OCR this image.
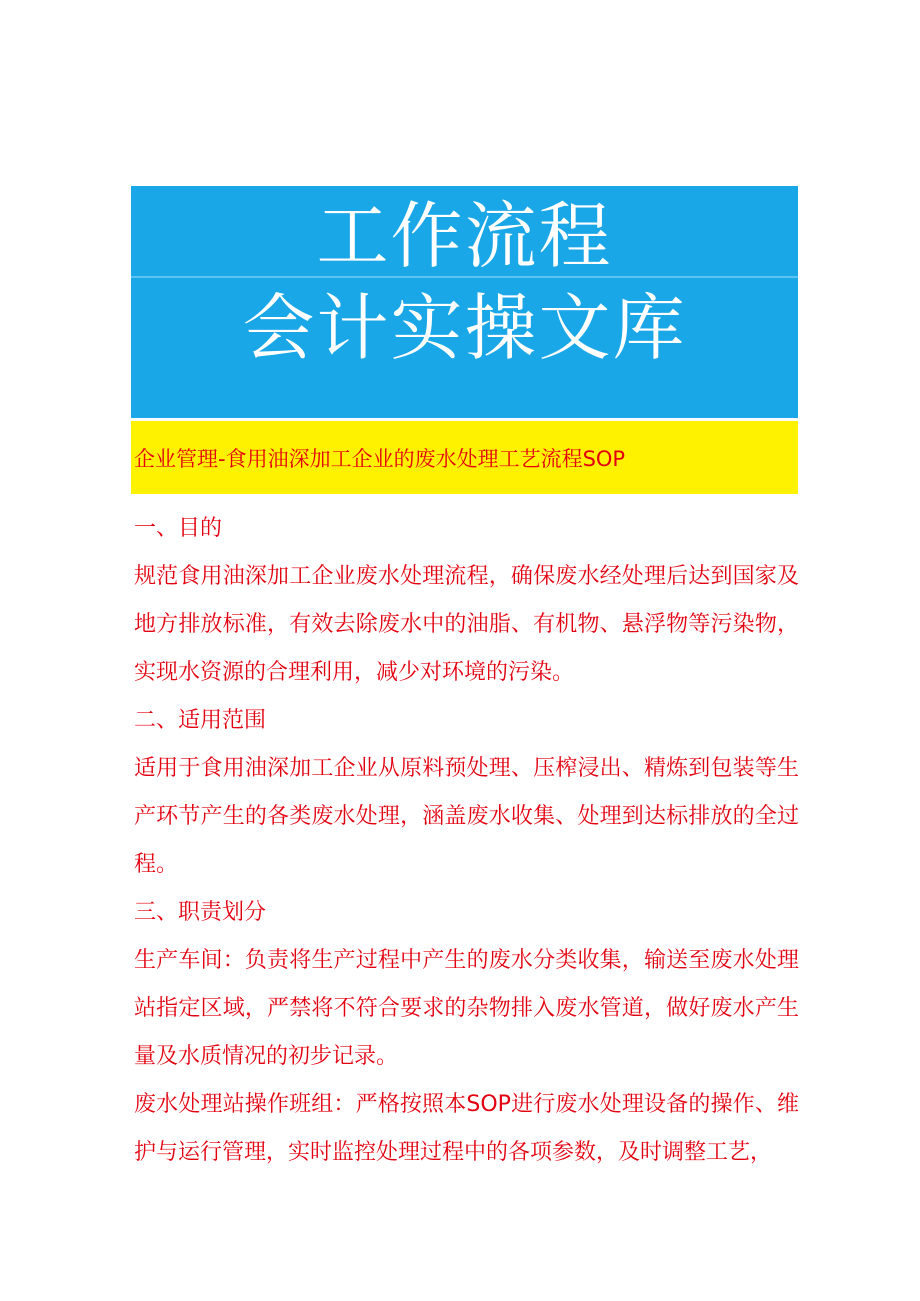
工作流程
会计实操文库
企业管理-食用油深加工企业的废水处理工艺流程SOP
一、目的
规范食用油深加工企业废水处理流程，确保废水经处理后达到国家及地方排放标准，有效去除废水中的油脂、有机物、悬浮物等污染物，实现水资源的合理利用，减少对环境的污染。
二、适用范围
适用于食用油深加工企业从原料预处理、压榨浸出、精炼到包装等生产环节产生的各类废水处理，涵盖废水收集、处理到达标排放的全过程。
三、职责划分
生产车间：负责将生产过程中产生的废水分类收集，输送至废水处理站指定区域，严禁将不符合要求的杂物排入废水管道，做好废水产生量及水质情况的初步记录。
废水处理站操作班组：严格按照本SOP进行废水处理设备的操作、维护与运行管理，实时监控处理过程中的各项参数，及时调整工艺，
